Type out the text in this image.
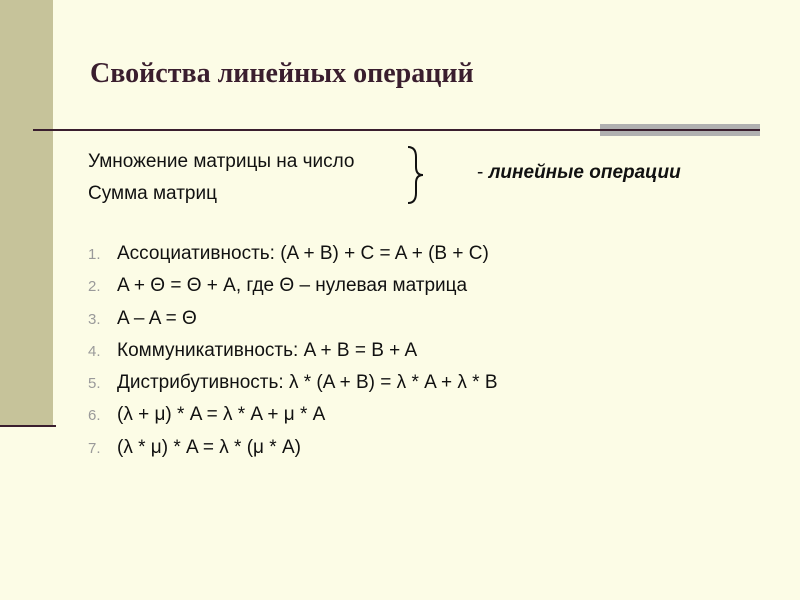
Свойства линейных операций
Умножение матрицы на число
Сумма матриц
- линейные операции
1. Ассоциативность: (A + B) + C = A + (B + C)
2. A + Θ = Θ + A, где Θ – нулевая матрица
3. A – A = Θ
4. Коммуникативность: A + B = B + A
5. Дистрибутивность: λ * (A + B) = λ * A + λ * B
6. (λ + μ) * A = λ * A + μ * A
7. (λ * μ) * A = λ * (μ * A)
